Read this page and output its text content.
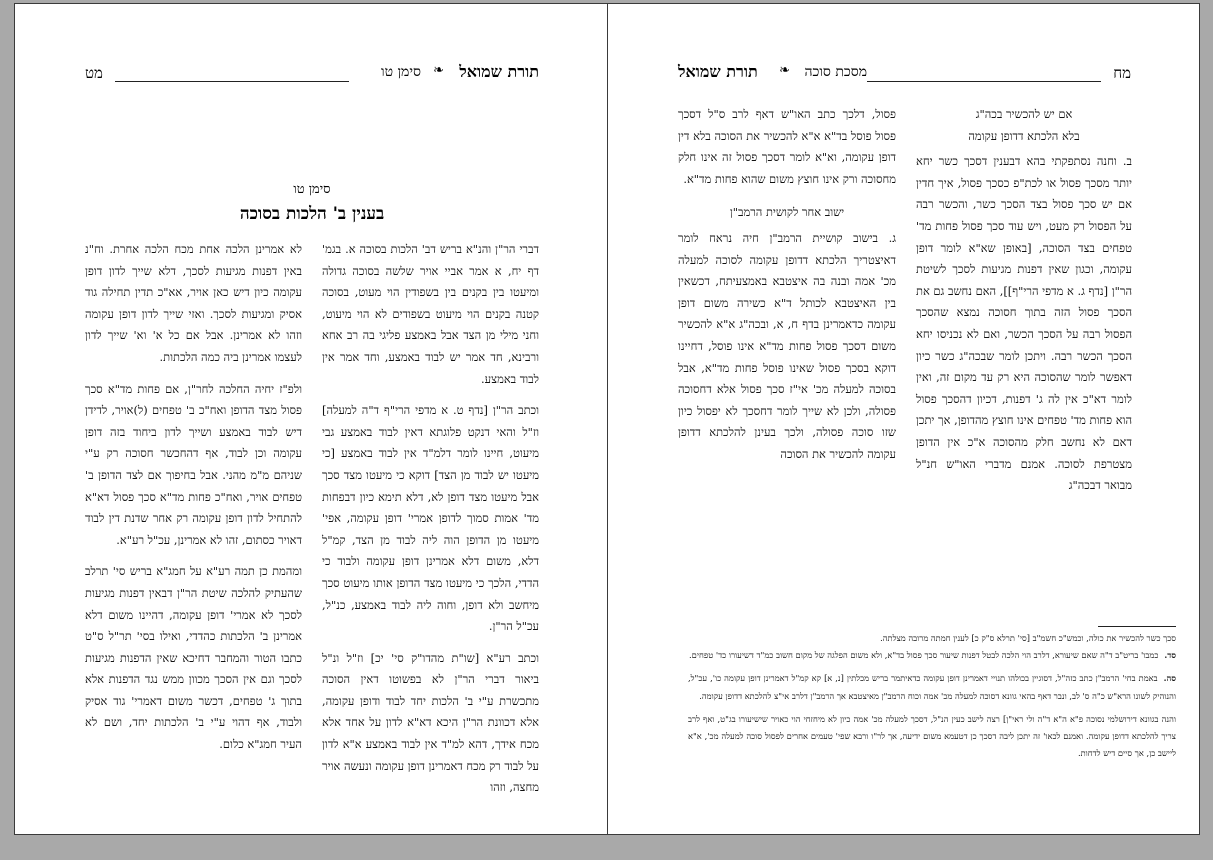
תורת שמואל
❧
סימן טו
מט
סימן טו
בענין ב' הלכות בסוכה

דברי הר"ן והנ"א בריש דב' הלכות בסוכה א. בגמ' דף יח, א אמר אביי אויר שלשה בסוכה גדולה ומיעטו בין בקנים בין בשפודין הוי מעוט, בסוכה קטנה בקנים הוי מיעוט בשפודים לא הוי מיעוט, וחני מילי מן הצד אבל באמצע פליגי בה רב אחא ורבינא, חד אמר יש לבוד באמצע, וחד אמר אין לבוד באמצע.

וכתב הר"ן [נדף ט. א מדפי הרי"ף ד"ה למעלה] וז"ל והאי דנקט פלוגתא דאין לבוד באמצע גבי מיעוט, חיינו לומר דלמ"ד אין לבוד באמצע [כי מיעטו יש לבוד מן הצד] דוקא כי מיעטו מצד סכך אבל מיעטו מצד דופן לא, דלא תימא כיון דבפחות מד' אמות סמוך לדופן אמרי' דופן עקומה, אפי' מיעטו מן הדופן הוה ליה לבוד מן הצד, קמ"ל דלא, משום דלא אמרינן דופן עקומה ולבוד כי הדדי, הלכך כי מיעטו מצד הדופן אותו מיעוט סכך מיחשב ולא דופן, וחוה ליה לבוד באמצע, כנ"ל, עכ"ל הר"ן.

וכתב רע"א [שו"ת מהדו"ק סי' יכ] וז"ל ונ"ל ביאור דברי הר"ן לא בפשוטו דאין הסוכה מתכשרת ע"י ב' הלכות יחד לבוד ודופן עקומה, אלא דכוונת הר"ן היכא דא"א לדון על אחד אלא מכח אידך, דהא למ"ד אין לבוד באמצע א"א לדון על לבוד רק מכח דאמרינן דופן עקומה ונעשה אויר מחצה, וזהו

לא אמרינן הלכה אחת מכח הלכה אחרת. וח"נ באין דפנות מגיעות לסכך, דלא שייך לדון דופן עקומה כיון דיש כאן אויר, אא"כ תדין תחילה גוד אסיק ומגיעות לסכך. ואזי שייך לדון דופן עקומה וזהו לא אמרינן. אבל אם כל א' וא' שייך לדון לעצמו אמרינן ביה כמה הלכתות.

ולפ"ז יחיה החלכה לחר"ן, אם פחות מד"א סכך פסול מצד הדופן ואח"כ ב' טפחים (ל)אויר, לדידן דיש לבוד באמצע ושייך לדון ביחוד בזה דופן עקומה וכן לבוד, אף דהחכשר חסוכה רק ע"י שניהם מ"מ מהני. אבל בחיפוך אם לצד הדופן ב' טפחים אויר, ואח"כ פחות מד"א סכך פסול דא"א להתחיל לדון דופן עקומה רק אחר שדנת דין לבוד דאויר כסתום, זהו לא אמרינן, עכ"ל רע"א.

ומהמת כן תמה רע"א על חמג"א בריש סי' תרלב שהעתיק להלכה שיטת הר"ן דבאין דפנות מגיעות לסכך לא אמרי' דופן עקומה, דהיינו משום דלא אמרינן ב' הלכתות כהדדי, ואילו בסי' תר"ל ס"ט כתבו הטור והמחבר דחיכא שאין הדפנות מגיעות לסכך וגם אין הסכך מכוון ממש נגד הדפנות אלא בתוך ג' טפחים, דכשר משום דאמרי' גוד אסיק ולבוד, אף דהוי ע"י ב' הלכתות יחד, ושם לא העיר חמג"א כלום.

מח
מסכת סוכה
❧
תורת שמואל

אם יש להכשיר בכה"ג

בלא הלכתא דדופן עקומה

ב. וחנה נסתפקתי בהא דבענין דסכך כשר יחא יותר מסכך פסול או לכת"פ כסכך פסול, איך חדין אם יש סכך פסול בצד הסכך כשר, והכשר רבה על הפסול רק מעט, ויש עוד סכך פסול פחות מד' טפחים בצד הסוכה, [באופן שא"א לומר דופן עקומה, וכגון שאין דפנות מגיעות לסכך לשיטת הר"ן [נדף ג. א מדפי הרי"ף]], האם נחשב גם את הסכך פסול הזה בתוך חסוכה נמצא שהסכך הפסול רבה על הסכך הכשר, ואם לא נכניסו יחא הסכך הכשר רבה. ויתכן לומר שבכה"ג כשר כיון דאפשר לומר שהסוכה היא רק עד מקום זה, ואין לומר דא"כ אין לה ג' דפנות, דכיון דהסכך פסול הוא פחות מד' טפחים אינו חוצץ מהדופן, אך יתכן דאם לא נחשב חלק מהסוכה א"כ אין הדופן מצטרפת לסוכה. אמנם מדברי האו"ש חנ"ל מבואר דבכה"ג

פסול, דלכך כתב האו"ש דאף לרב ס"ל דסכך פסול פוסל בד"א א"א להכשיר את הסוכה בלא דין דופן עקומה, וא"א לומר דסכך פסול זה אינו חלק מחסוכה ורק אינו חוצץ משום שהוא פחות מד"א.

ישוב אחר לקושית הרמב"ן

ג. בישוב קושיית הרמב"ן חיה נראח לומר דאיצטריך הלכתא דדופן עקומה לסוכה למעלה מכ' אמה ובנה בה איצטבא באמצעיתח, דכשאין בין האיצטבא לכותל ד"א כשירה משום דופן עקומה כדאמרינן בדף ח, א, ובכה"ג א"א להכשיר משום דסכך פסול פחות מד"א אינו פוסל, דחיינו דוקא בסכך פסול שאינו פוסל פחות מד"א, אבל בסוכה למעלה מכ' אי"ז סכך פסול אלא דחסוכה פסולה, ולכן לא שייך לומר דחסכך לא יפסול כיון שזו סוכה פסולה, ולכך בעינן להלכתא דדופן עקומה להכשיר את הסוכה

סכך כשר להכשיר את כולה, וכמש"כ חשמ"ב [סי' תרלא ס"ק כ] לענין חמתה מרובה מצלתה.

סד.כמבו' בריט"ב ד"ה שאם שיעורא, דלרב הוי הלכה לבטל דפנות שיעור סכך פסול בד"א, ולא משום הפלגה של מקום חשוב כמ"ד דשיעורו כד' טפחים.

סה.באמת בחי' הרמב"ן כתב כזה"ל, דסוגיין בכולהו תנויי דאמרינן דופן עקומה כדאיתמר בריש מכלתין [נ, א] קא קמ"ל דאמרינן דופן עקומה כו', עכ"ל, והנוהיק לשונו הרא"ש כ"ה ס' לב, ונבר דאף בהאי גוונא דסוכה למעלה מכ' אמה וכוח הרמב"ן מאיצטבא אך הרמב"ן דלרב אי"צ להלכתא דדופן עקומה.

והנה בגוונא דירושלמי נסוכה פ"א ה"א ד"ה ולי ראי"ן] רצה לישב כעין הנ"ל, דסכך למעלה מכ' אמה כיון לא מיחזחי הוי כאויר שישיעורו בג"ט, ואף לרב צריך להלכתא דדופן עקומה. ואמנם לכאו' זה יתכן ליבה דסכך כן דטעמא משום ידיעה, אך לר"ו ורבא שפי' טעמים אחרים לפסול סוכה למעלה מכ', א"א ליישב כן, אך סיים דיש לדחות.
